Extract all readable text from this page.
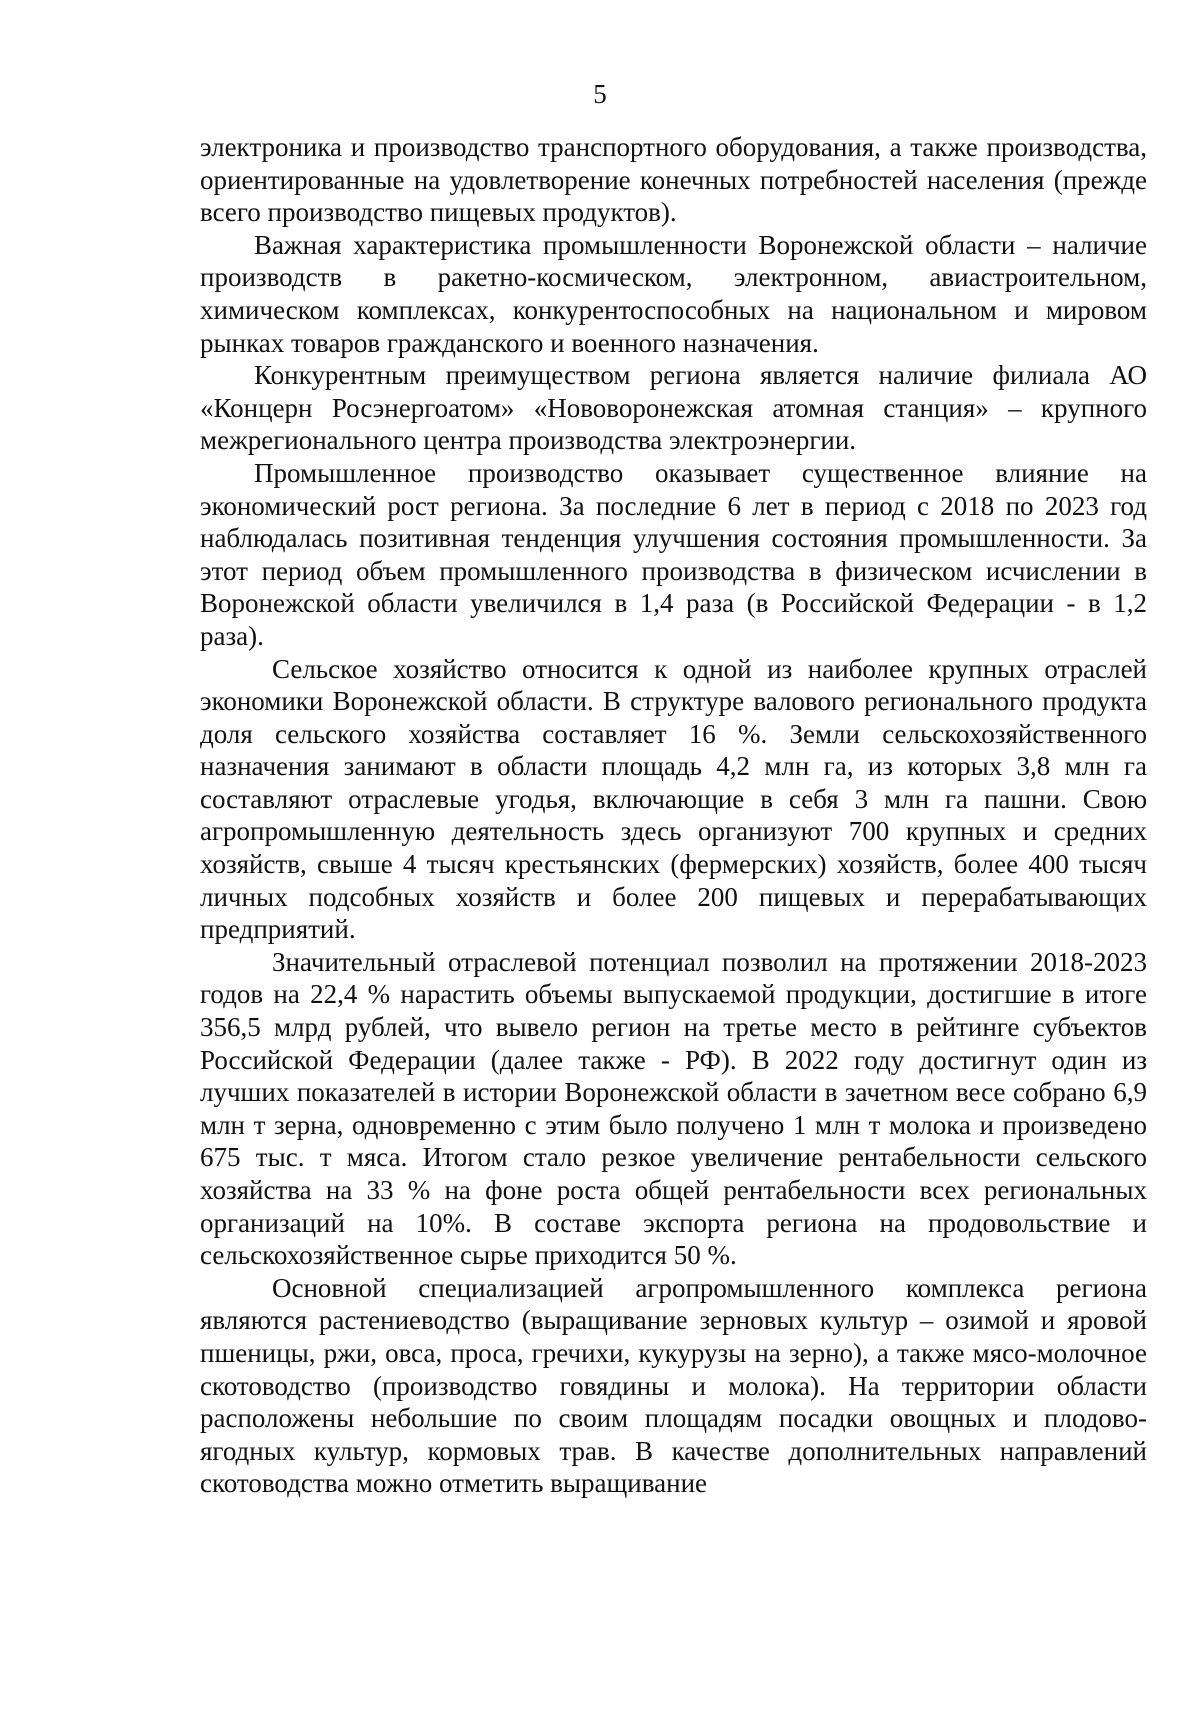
5

электроника и производство транспортного оборудования, а также производства, ориентированные на удовлетворение конечных потребностей населения (прежде всего производство пищевых продуктов).

Важная характеристика промышленности Воронежской области – наличие производств в ракетно-космическом, электронном, авиастроительном, химическом комплексах, конкурентоспособных на национальном и мировом рынках товаров гражданского и военного назначения.

Конкурентным преимуществом региона является наличие филиала АО «Концерн Росэнергоатом» «Нововоронежская атомная станция» – крупного межрегионального центра производства электроэнергии.

Промышленное производство оказывает существенное влияние на экономический рост региона. За последние 6 лет в период с 2018 по 2023 год наблюдалась позитивная тенденция улучшения состояния промышленности. За этот период объем промышленного производства в физическом исчислении в Воронежской области увеличился в 1,4 раза (в Российской Федерации - в 1,2 раза).

Сельское хозяйство относится к одной из наиболее крупных отраслей экономики Воронежской области. В структуре валового регионального продукта доля сельского хозяйства составляет 16 %. Земли сельскохозяйственного назначения занимают в области площадь 4,2 млн га, из которых 3,8 млн га составляют отраслевые угодья, включающие в себя 3 млн га пашни. Свою агропромышленную деятельность здесь организуют 700 крупных и средних хозяйств, свыше 4 тысяч крестьянских (фермерских) хозяйств, более 400 тысяч личных подсобных хозяйств и более 200 пищевых и перерабатывающих предприятий.

Значительный отраслевой потенциал позволил на протяжении 2018-2023 годов на 22,4 % нарастить объемы выпускаемой продукции, достигшие в итоге 356,5 млрд рублей, что вывело регион на третье место в рейтинге субъектов Российской Федерации (далее также - РФ). В 2022 году достигнут один из лучших показателей в истории Воронежской области в зачетном весе собрано 6,9 млн т зерна, одновременно с этим было получено 1 млн т молока и произведено 675 тыс. т мяса. Итогом стало резкое увеличение рентабельности сельского хозяйства на 33 % на фоне роста общей рентабельности всех региональных организаций на 10%. В составе экспорта региона на продовольствие и сельскохозяйственное сырье приходится 50 %.

Основной специализацией агропромышленного комплекса региона являются растениеводство (выращивание зерновых культур – озимой и яровой пшеницы, ржи, овса, проса, гречихи, кукурузы на зерно), а также мясо-молочное скотоводство (производство говядины и молока). На территории области расположены небольшие по своим площадям посадки овощных и плодово-ягодных культур, кормовых трав. В качестве дополнительных направлений скотоводства можно отметить выращивание
